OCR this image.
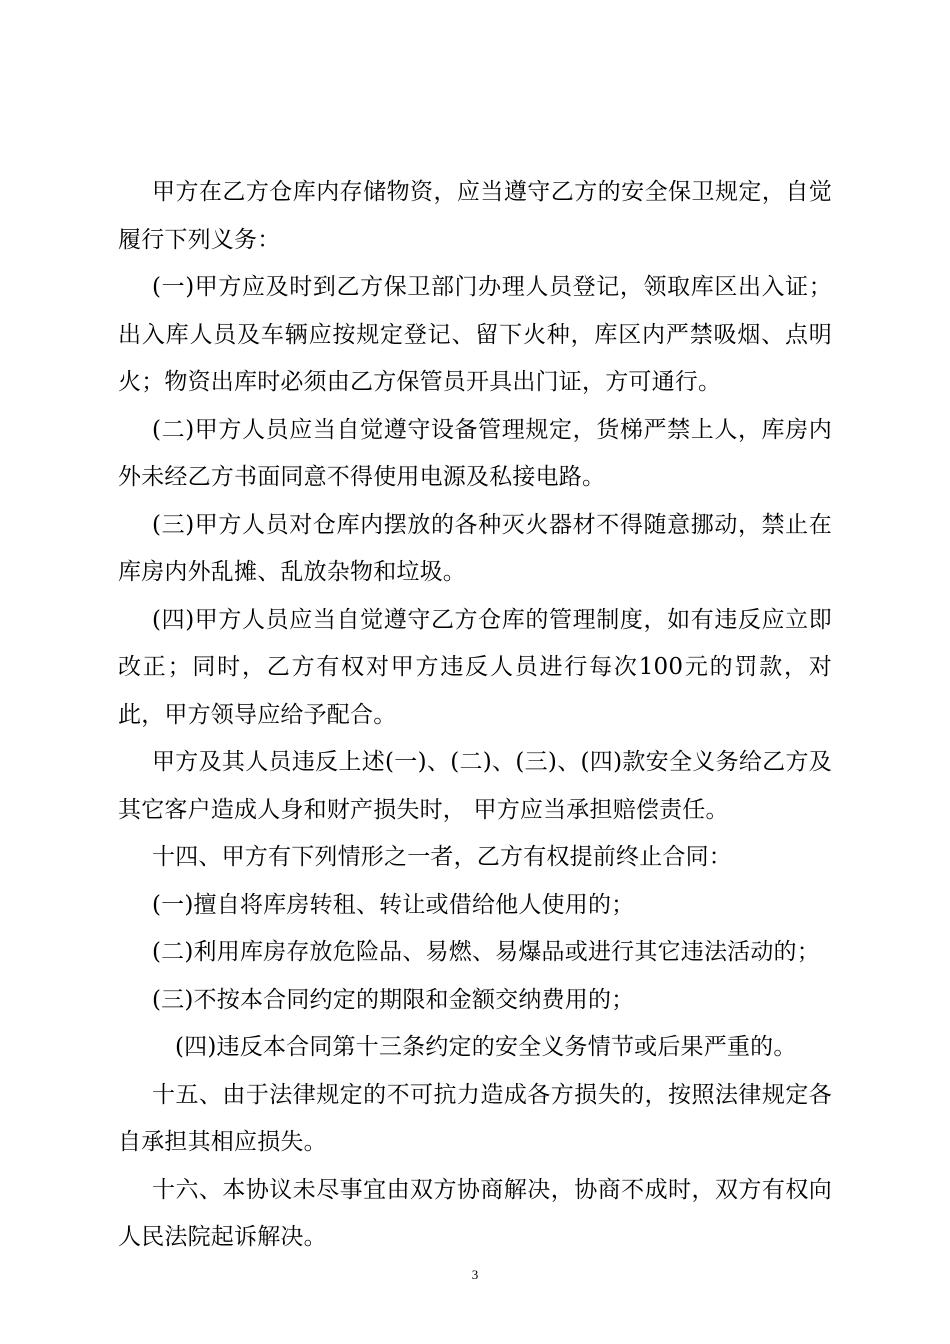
甲方在乙方仓库内存储物资，应当遵守乙方的安全保卫规定，自觉履行下列义务：

(一)甲方应及时到乙方保卫部门办理人员登记，领取库区出入证；出入库人员及车辆应按规定登记、留下火种，库区内严禁吸烟、点明火；物资出库时必须由乙方保管员开具出门证，方可通行。

(二)甲方人员应当自觉遵守设备管理规定，货梯严禁上人，库房内外未经乙方书面同意不得使用电源及私接电路。

(三)甲方人员对仓库内摆放的各种灭火器材不得随意挪动，禁止在库房内外乱摊、乱放杂物和垃圾。

(四)甲方人员应当自觉遵守乙方仓库的管理制度，如有违反应立即改正；同时，乙方有权对甲方违反人员进行每次100元的罚款，对此，甲方领导应给予配合。

甲方及其人员违反上述(一)、(二)、(三)、(四)款安全义务给乙方及其它客户造成人身和财产损失时， 甲方应当承担赔偿责任。

十四、甲方有下列情形之一者，乙方有权提前终止合同：

(一)擅自将库房转租、转让或借给他人使用的；

(二)利用库房存放危险品、易燃、易爆品或进行其它违法活动的；

(三)不按本合同约定的期限和金额交纳费用的；

(四)违反本合同第十三条约定的安全义务情节或后果严重的。

十五、由于法律规定的不可抗力造成各方损失的，按照法律规定各自承担其相应损失。

十六、本协议未尽事宜由双方协商解决，协商不成时，双方有权向人民法院起诉解决。

3
